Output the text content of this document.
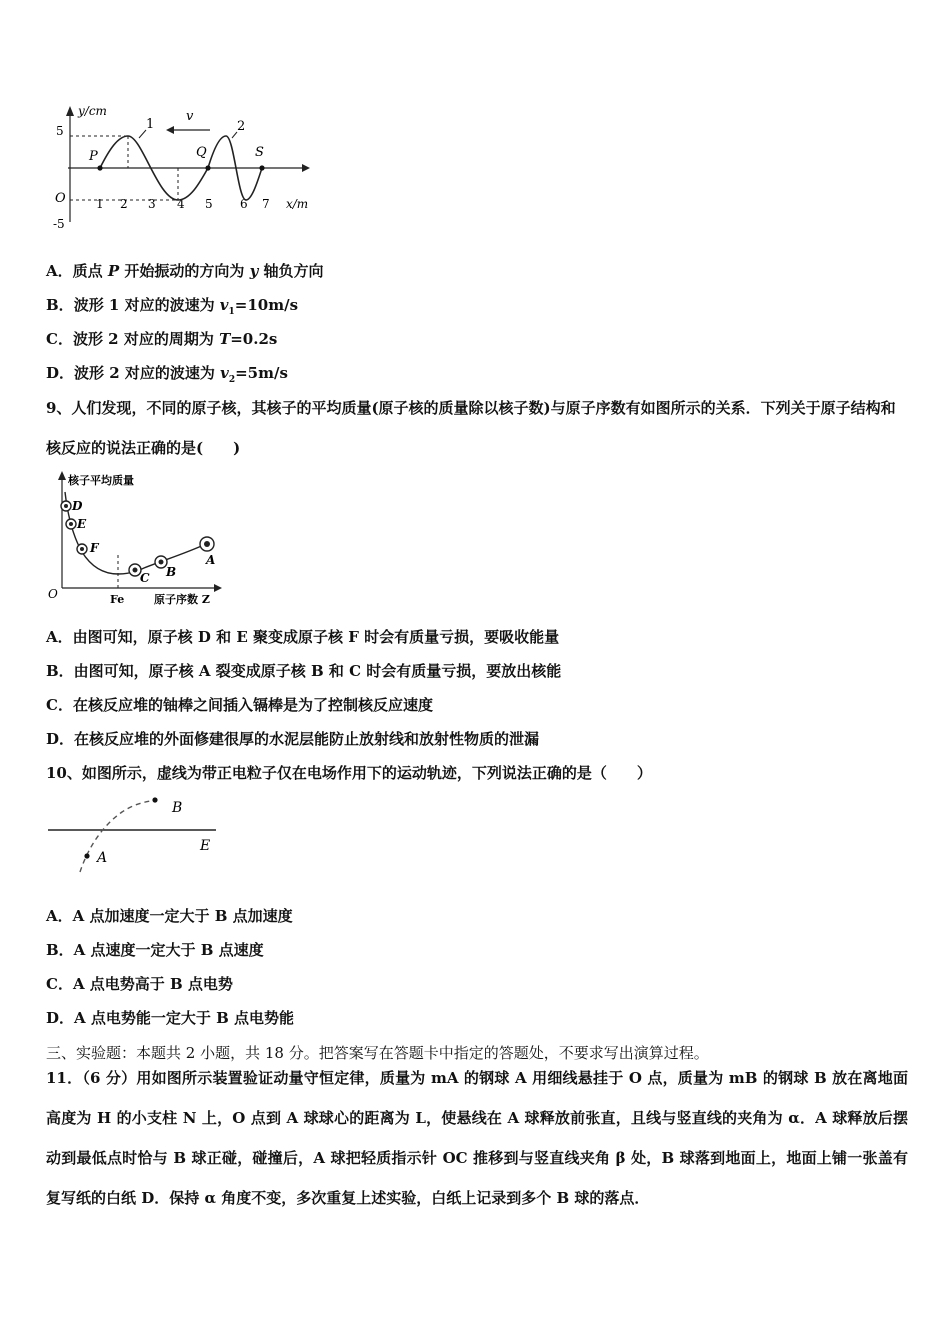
y/cm
5
-5
O	x/m
1 2 3 4 5 6 7
P	Q	S
1	2
v
A．质点 P 开始振动的方向为 y 轴负方向
B．波形 1 对应的波速为 $v_1=10m/s$
C．波形 2 对应的周期为 T=0.2s
D．波形 2 对应的波速为 $v_2=5m/s$
9、人们发现，不同的原子核，其核子的平均质量(原子核的质量除以核子数)与原子序数有如图所示的关系．下列关于原子结构和核反应的说法正确的是(　　)
核子平均质量
O	Fe	原子序数 Z
D
E
F
C B
A
A．由图可知，原子核 D 和 E 聚变成原子核 F 时会有质量亏损，要吸收能量
B．由图可知，原子核 A 裂变成原子核 B 和 C 时会有质量亏损，要放出核能
C．在核反应堆的铀棒之间插入镉棒是为了控制核反应速度
D．在核反应堆的外面修建很厚的水泥层能防止放射线和放射性物质的泄漏
10、如图所示，虚线为带正电粒子仅在电场作用下的运动轨迹，下列说法正确的是（　　）
A
B
E
A．A 点加速度一定大于 B 点加速度
B．A 点速度一定大于 B 点速度
C．A 点电势高于 B 点电势
D．A 点电势能一定大于 B 点电势能
三、实验题：本题共 2 小题，共 18 分。把答案写在答题卡中指定的答题处，不要求写出演算过程。
11．（6 分）用如图所示装置验证动量守恒定律，质量为 mA 的钢球 A 用细线悬挂于 O 点，质量为 mB 的钢球 B 放在离地面高度为 H 的小支柱 N 上，O 点到 A 球球心的距离为 L，使悬线在 A 球释放前张直，且线与竖直线的夹角为 α．A 球释放后摆动到最低点时恰与 B 球正碰，碰撞后，A 球把轻质指示针 OC 推移到与竖直线夹角 β 处，B 球落到地面上，地面上铺一张盖有复写纸的白纸 D．保持 α 角度不变，多次重复上述实验，白纸上记录到多个 B 球的落点．
